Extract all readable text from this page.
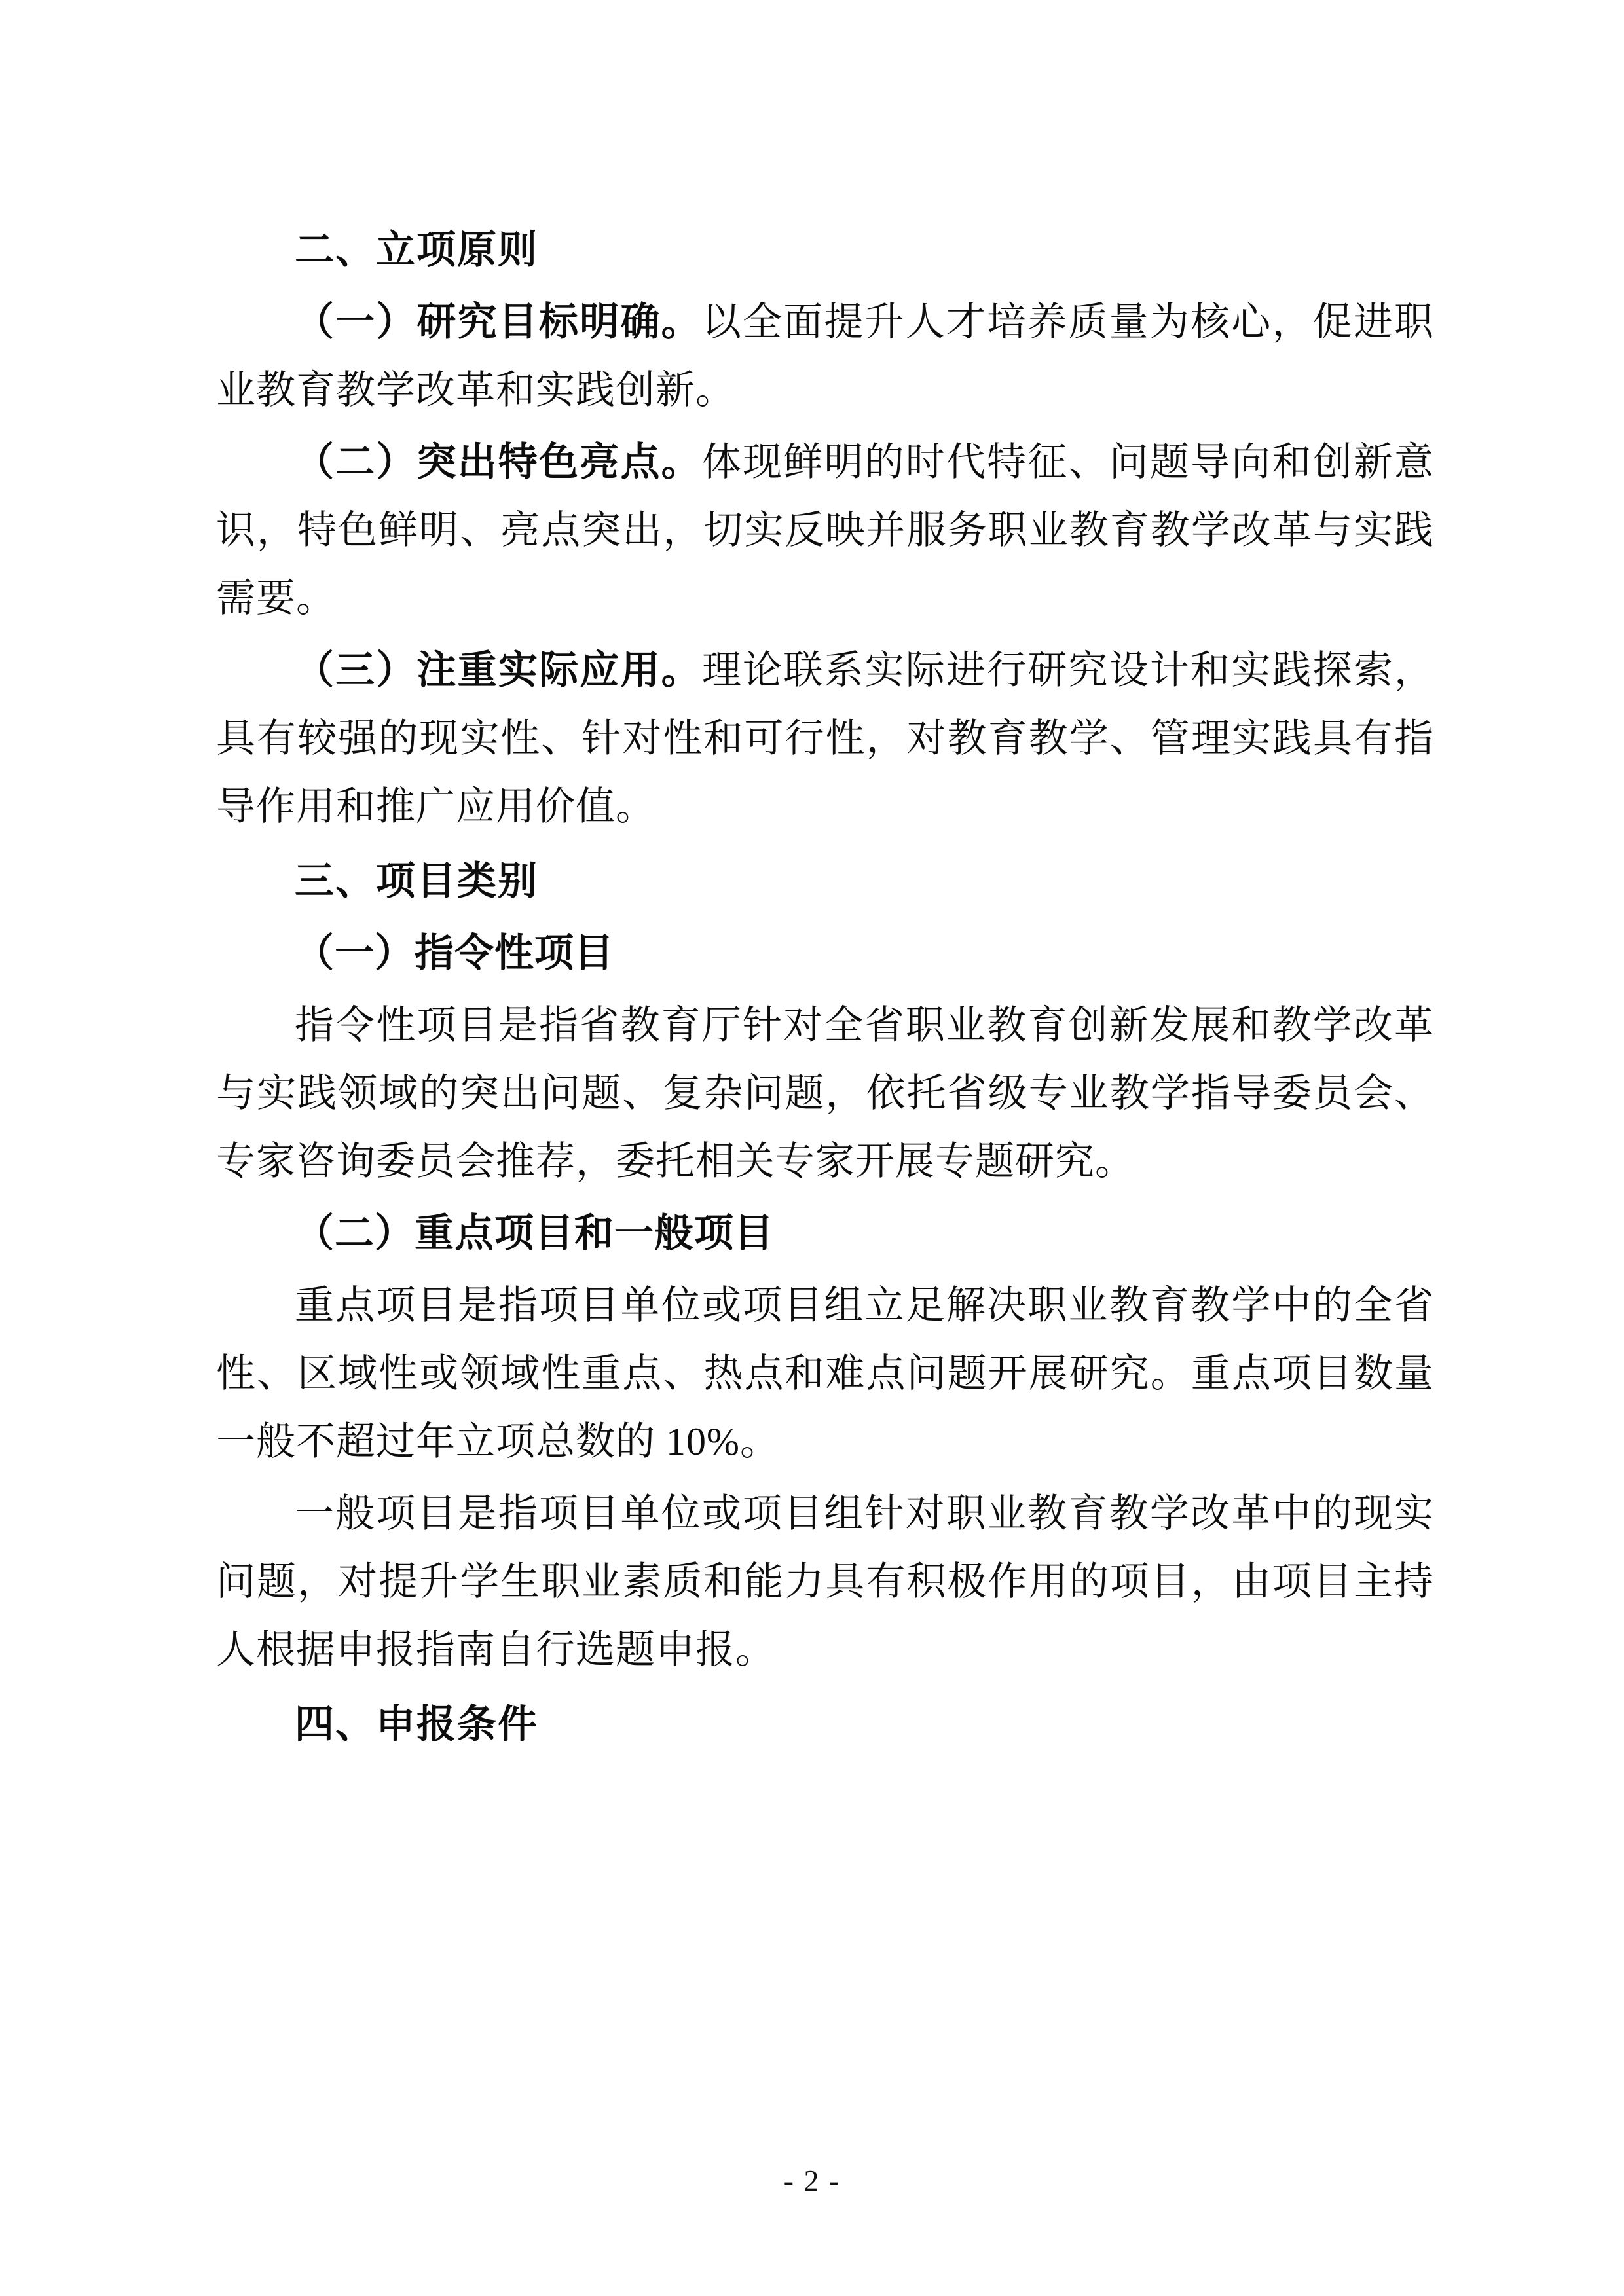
二、立项原则

（一）研究目标明确。以全面提升人才培养质量为核心，促进职业教育教学改革和实践创新。

（二）突出特色亮点。体现鲜明的时代特征、问题导向和创新意识，特色鲜明、亮点突出，切实反映并服务职业教育教学改革与实践需要。

（三）注重实际应用。理论联系实际进行研究设计和实践探索，具有较强的现实性、针对性和可行性，对教育教学、管理实践具有指导作用和推广应用价值。

三、项目类别

（一）指令性项目

指令性项目是指省教育厅针对全省职业教育创新发展和教学改革与实践领域的突出问题、复杂问题，依托省级专业教学指导委员会、专家咨询委员会推荐，委托相关专家开展专题研究。

（二）重点项目和一般项目

重点项目是指项目单位或项目组立足解决职业教育教学中的全省性、区域性或领域性重点、热点和难点问题开展研究。重点项目数量一般不超过年立项总数的 10%。

一般项目是指项目单位或项目组针对职业教育教学改革中的现实问题，对提升学生职业素质和能力具有积极作用的项目，由项目主持人根据申报指南自行选题申报。

四、申报条件

- 2 -
